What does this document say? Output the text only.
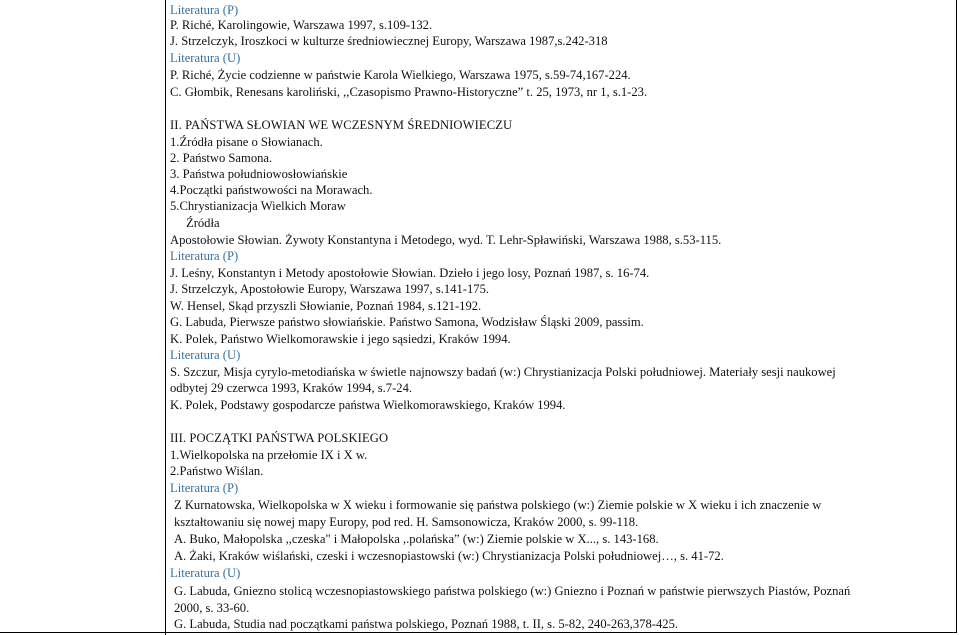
Literatura (P)
P. Riché, Karolingowie, Warszawa 1997, s.109-132.
J. Strzelczyk, Iroszkoci w kulturze średniowiecznej Europy, Warszawa 1987,s.242-318
Literatura (U)
P. Riché, Życie codzienne w państwie Karola Wielkiego, Warszawa 1975, s.59-74,167-224.
C. Głombik, Renesans karoliński, ,,Czasopismo Prawno-Historyczne” t. 25, 1973, nr 1, s.1-23.
II. PAŃSTWA SŁOWIAN WE WCZESNYM ŚREDNIOWIECZU
1.Źródła pisane o Słowianach.
2. Państwo Samona.
3. Państwa południowosłowiańskie
4.Początki państwowości na Morawach.
5.Chrystianizacja Wielkich Moraw
Źródła
Apostołowie Słowian. Żywoty Konstantyna i Metodego, wyd. T. Lehr-Spławiński, Warszawa 1988, s.53-115.
Literatura (P)
J. Leśny, Konstantyn i Metody apostołowie Słowian. Dzieło i jego losy, Poznań 1987, s. 16-74.
J. Strzelczyk, Apostołowie Europy, Warszawa 1997, s.141-175.
W. Hensel, Skąd przyszli Słowianie, Poznań 1984, s.121-192.
G. Labuda, Pierwsze państwo słowiańskie. Państwo Samona, Wodzisław Śląski 2009, passim.
K. Polek, Państwo Wielkomorawskie i jego sąsiedzi, Kraków 1994.
Literatura (U)
S. Szczur, Misja cyrylo-metodiańska w świetle najnowszy badań (w:) Chrystianizacja Polski południowej. Materiały sesji naukowej
odbytej 29 czerwca 1993, Kraków 1994, s.7-24.
K. Polek, Podstawy gospodarcze państwa Wielkomorawskiego, Kraków 1994.
III. POCZĄTKI PAŃSTWA POLSKIEGO
1.Wielkopolska na przełomie IX i X w.
2.Państwo Wiślan.
Literatura (P)
Z Kurnatowska, Wielkopolska w X wieku i formowanie się państwa polskiego (w:) Ziemie polskie w X wieku i ich znaczenie w
kształtowaniu się nowej mapy Europy, pod red. H. Samsonowicza, Kraków 2000, s. 99-118.
A. Buko, Małopolska ,,czeska" i Małopolska ,.polańska” (w:) Ziemie polskie w X..., s. 143-168.
A. Żaki, Kraków wiślański, czeski i wczesnopiastowski (w:) Chrystianizacja Polski południowej…, s. 41-72.
Literatura (U)
G. Labuda, Gniezno stolicą wczesnopiastowskiego państwa polskiego (w:) Gniezno i Poznań w państwie pierwszych Piastów, Poznań
2000, s. 33-60.
G. Labuda, Studia nad początkami państwa polskiego, Poznań 1988, t. II, s. 5-82, 240-263,378-425.
